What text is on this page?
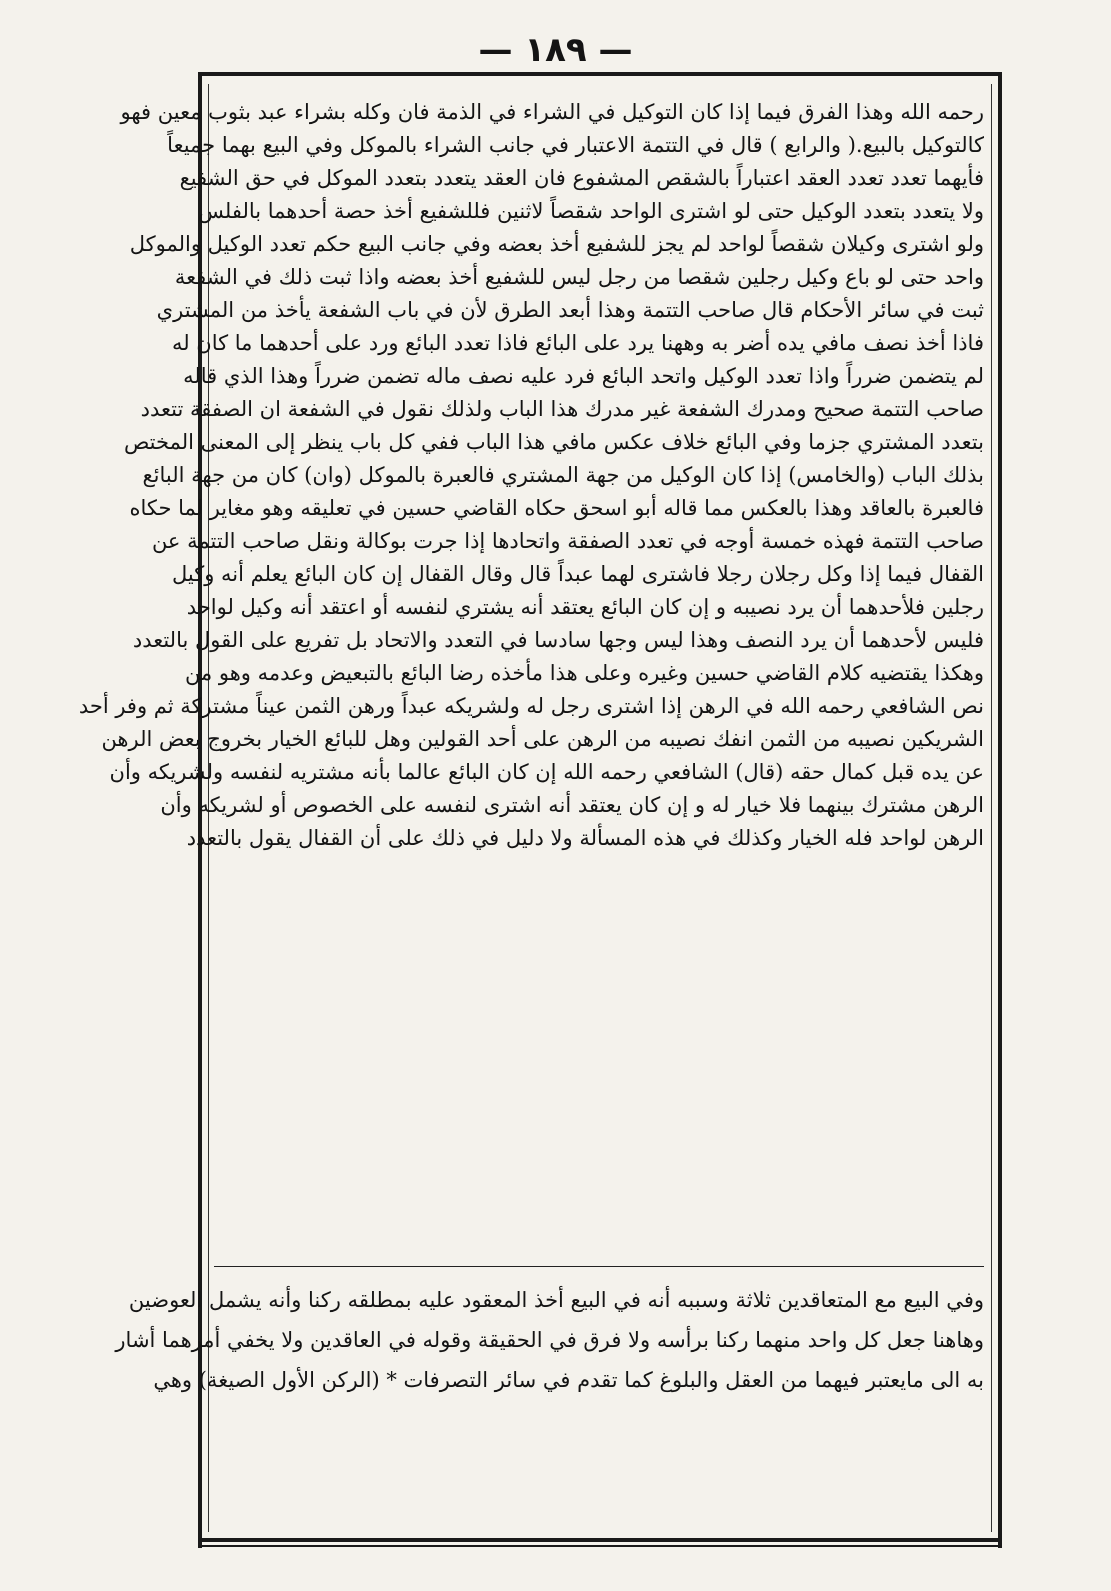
— ١٨٩ —
رحمه الله وهذا الفرق فيما إذا كان التوكيل في الشراء في الذمة فان وكله بشراء عبد بثوب معين فهو
كالتوكيل بالبيع.( والرابع ) قال في التتمة الاعتبار في جانب الشراء بالموكل وفي البيع بهما جميعاً
فأيهما تعدد تعدد العقد اعتباراً بالشقص المشفوع فان العقد يتعدد بتعدد الموكل في حق الشفيع
ولا يتعدد بتعدد الوكيل حتى لو اشترى الواحد شقصاً لاثنين فللشفيع أخذ حصة أحدهما بالفلس
ولو اشترى وكيلان شقصاً لواحد لم يجز للشفيع أخذ بعضه وفي جانب البيع حكم تعدد الوكيل والموكل
واحد حتى لو باع وكيل رجلين شقصا من رجل ليس للشفيع أخذ بعضه واذا ثبت ذلك في الشفعة
ثبت في سائر الأحكام قال صاحب التتمة وهذا أبعد الطرق لأن في باب الشفعة يأخذ من المشتري
فاذا أخذ نصف مافي يده أضر به وههنا يرد على البائع فاذا تعدد البائع ورد على أحدهما ما كان له
لم يتضمن ضرراً واذا تعدد الوكيل واتحد البائع فرد عليه نصف ماله تضمن ضرراً وهذا الذي قاله
صاحب التتمة صحيح ومدرك الشفعة غير مدرك هذا الباب ولذلك نقول في الشفعة ان الصفقة تتعدد
بتعدد المشتري جزما وفي البائع خلاف عكس مافي هذا الباب ففي كل باب ينظر إلى المعنى المختص
بذلك الباب (والخامس) إذا كان الوكيل من جهة المشتري فالعبرة بالموكل (وان) كان من جهة البائع
فالعبرة بالعاقد وهذا بالعكس مما قاله أبو اسحق حكاه القاضي حسين في تعليقه وهو مغاير لما حكاه
صاحب التتمة فهذه خمسة أوجه في تعدد الصفقة واتحادها إذا جرت بوكالة ونقل صاحب التتمة عن
القفال فيما إذا وكل رجلان رجلا فاشترى لهما عبداً قال وقال القفال إن كان البائع يعلم أنه وكيل
رجلين فلأحدهما أن يرد نصيبه و إن كان البائع يعتقد أنه يشتري لنفسه أو اعتقد أنه وكيل لواحد
فليس لأحدهما أن يرد النصف وهذا ليس وجها سادسا في التعدد والاتحاد بل تفريع على القول بالتعدد
وهكذا يقتضيه كلام القاضي حسين وغيره وعلى هذا مأخذه رضا البائع بالتبعيض وعدمه وهو من
نص الشافعي رحمه الله في الرهن إذا اشترى رجل له ولشريكه عبداً ورهن الثمن عيناً مشتركة ثم وفر أحد
الشريكين نصيبه من الثمن انفك نصيبه من الرهن على أحد القولين وهل للبائع الخيار بخروج بعض الرهن
عن يده قبل كمال حقه (قال) الشافعي رحمه الله إن كان البائع عالما بأنه مشتريه لنفسه ولشريكه وأن
الرهن مشترك بينهما فلا خيار له و إن كان يعتقد أنه اشترى لنفسه على الخصوص أو لشريكه وأن
الرهن لواحد فله الخيار وكذلك في هذه المسألة ولا دليل في ذلك على أن القفال يقول بالتعدد
وفي البيع مع المتعاقدين ثلاثة وسببه أنه في البيع أخذ المعقود عليه بمطلقه ركنا وأنه يشمل العوضين
وهاهنا جعل كل واحد منهما ركنا برأسه ولا فرق في الحقيقة وقوله في العاقدين ولا يخفي أمرهما أشار
به الى مايعتبر فيهما من العقل والبلوغ كما تقدم في سائر التصرفات * (الركن الأول الصيغة) وهي
